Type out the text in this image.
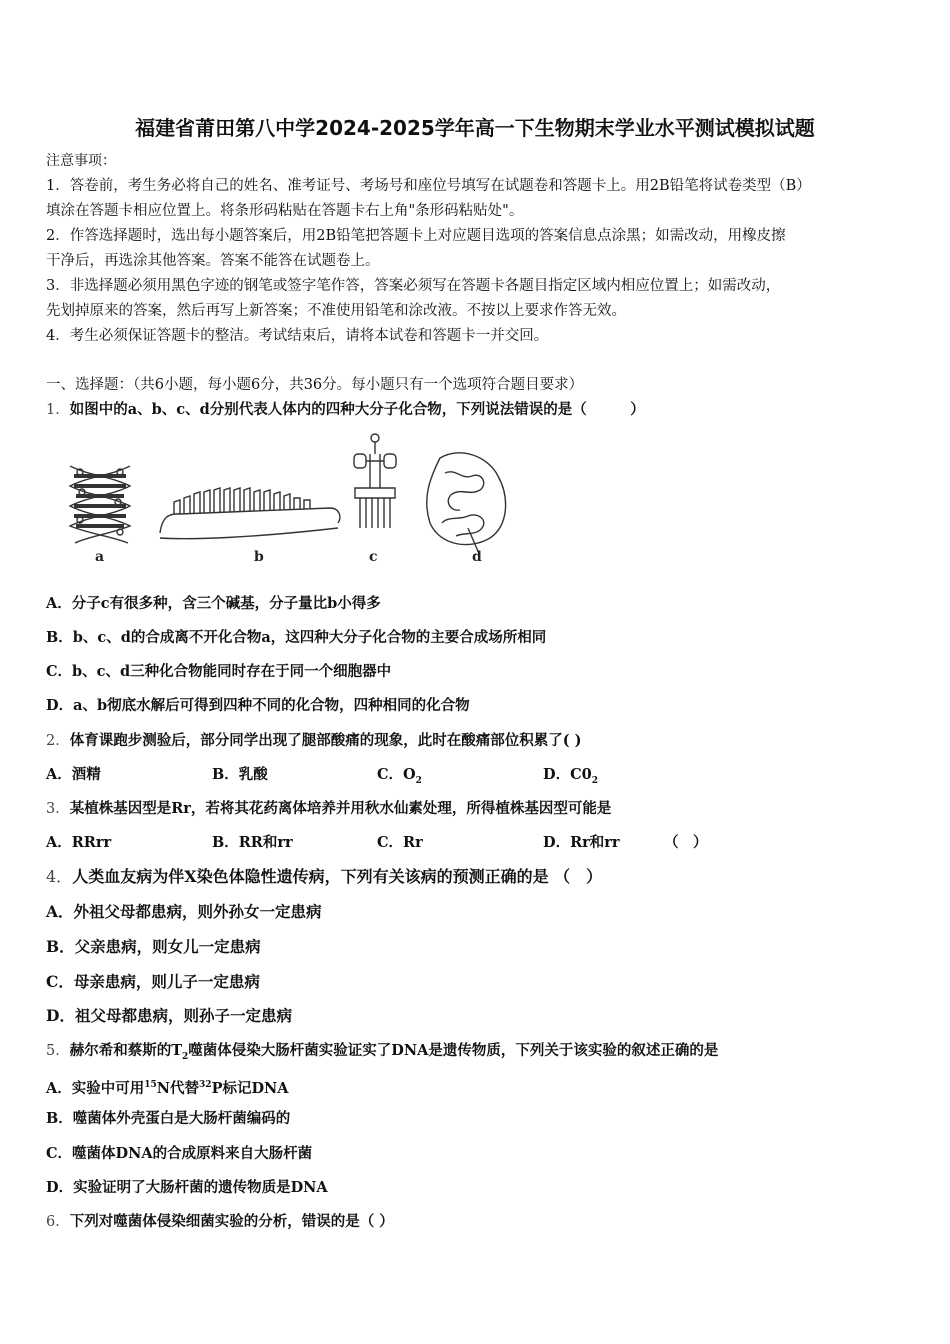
福建省莆田第八中学2024-2025学年高一下生物期末学业水平测试模拟试题
注意事项：
1．答卷前，考生务必将自己的姓名、准考证号、考场号和座位号填写在试题卷和答题卡上。用2B铅笔将试卷类型（B）
填涂在答题卡相应位置上。将条形码粘贴在答题卡右上角"条形码粘贴处"。
2．作答选择题时，选出每小题答案后，用2B铅笔把答题卡上对应题目选项的答案信息点涂黑；如需改动，用橡皮擦
干净后，再选涂其他答案。答案不能答在试题卷上。
3．非选择题必须用黑色字迹的钢笔或签字笔作答，答案必须写在答题卡各题目指定区域内相应位置上；如需改动，
先划掉原来的答案，然后再写上新答案；不准使用铅笔和涂改液。不按以上要求作答无效。
4．考生必须保证答题卡的整洁。考试结束后，请将本试卷和答题卡一并交回。
一、选择题：（共6小题，每小题6分，共36分。每小题只有一个选项符合题目要求）
1．如图中的a、b、c、d分别代表人体内的四种大分子化合物，下列说法错误的是（　　　）
a	b	c	d
A．分子c有很多种，含三个碱基，分子量比b小得多
B．b、c、d的合成离不开化合物a，这四种大分子化合物的主要合成场所相同
C．b、c、d三种化合物能同时存在于同一个细胞器中
D．a、b彻底水解后可得到四种不同的化合物，四种相同的化合物
2．体育课跑步测验后，部分同学出现了腿部酸痛的现象，此时在酸痛部位积累了( )
A．酒精	B．乳酸	C．$O_2$	D．$C0_2$
3．某植株基因型是Rr，若将其花药离体培养并用秋水仙素处理，所得植株基因型可能是
A．RRrr	B．RR和rr	C．Rr	D．Rr和rr	（　）
4．人类血友病为伴X染色体隐性遗传病，下列有关该病的预测正确的是 （　）
A．外祖父母都患病，则外孙女一定患病
B．父亲患病，则女儿一定患病
C．母亲患病，则儿子一定患病
D．祖父母都患病，则孙子一定患病
5．赫尔希和蔡斯的$T_2$噬菌体侵染大肠杆菌实验证实了DNA是遗传物质，下列关于该实验的叙述正确的是
A．实验中可用$^{15}$N代替$^{32}$P标记DNA
B．噬菌体外壳蛋白是大肠杆菌编码的
C．噬菌体DNA的合成原料来自大肠杆菌
D．实验证明了大肠杆菌的遗传物质是DNA
6．下列对噬菌体侵染细菌实验的分析，错误的是（ ）
